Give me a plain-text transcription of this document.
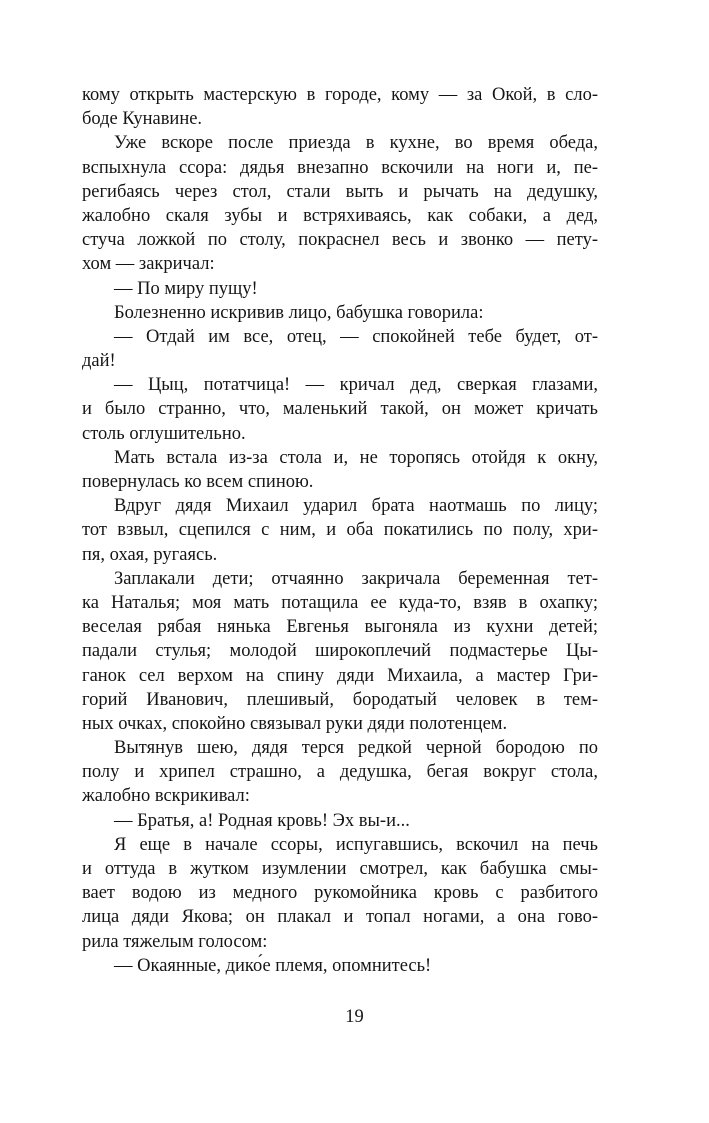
кому открыть мастерскую в городе, кому — за Окой, в сло-
боде Кунавине.
Уже вскоре после приезда в кухне, во время обеда,
вспыхнула ссора: дядья внезапно вскочили на ноги и, пе-
регибаясь через стол, стали выть и рычать на дедушку,
жалобно скаля зубы и встряхиваясь, как собаки, а дед,
стуча ложкой по столу, покраснел весь и звонко — пету-
хом — закричал:
— По миру пущу!
Болезненно искривив лицо, бабушка говорила:
— Отдай им все, отец, — спокойней тебе будет, от-
дай!
— Цыц, потатчица! — кричал дед, сверкая глазами,
и было странно, что, маленький такой, он может кричать
столь оглушительно.
Мать встала из-за стола и, не торопясь отойдя к окну,
повернулась ко всем спиною.
Вдруг дядя Михаил ударил брата наотмашь по лицу;
тот взвыл, сцепился с ним, и оба покатились по полу, хри-
пя, охая, ругаясь.
Заплакали дети; отчаянно закричала беременная тет-
ка Наталья; моя мать потащила ее куда-то, взяв в охапку;
веселая рябая нянька Евгенья выгоняла из кухни детей;
падали стулья; молодой широкоплечий подмастерье Цы-
ганок сел верхом на спину дяди Михаила, а мастер Гри-
горий Иванович, плешивый, бородатый человек в тем-
ных очках, спокойно связывал руки дяди полотенцем.
Вытянув шею, дядя терся редкой черной бородою по
полу и хрипел страшно, а дедушка, бегая вокруг стола,
жалобно вскрикивал:
— Братья, а! Родная кровь! Эх вы-и...
Я еще в начале ссоры, испугавшись, вскочил на печь
и оттуда в жутком изумлении смотрел, как бабушка смы-
вает водою из медного рукомойника кровь с разбитого
лица дяди Якова; он плакал и топал ногами, а она гово-
рила тяжелым голосом:
— Окаянные, дико́е племя, опомнитесь!
19
